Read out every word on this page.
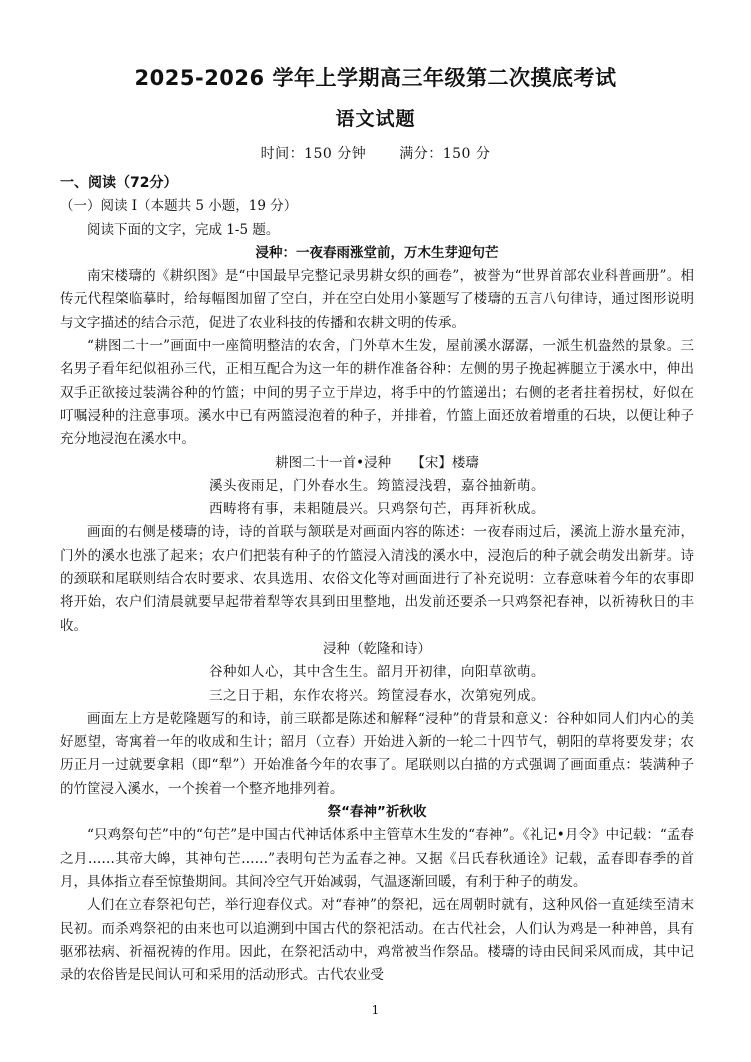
2025-2026 学年上学期高三年级第二次摸底考试
语文试题
时间：150 分钟 满分：150 分

一、阅读（72分）

（一）阅读 I（本题共 5 小题，19 分）

阅读下面的文字，完成 1-5 题。

浸种：一夜春雨涨堂前，万木生芽迎句芒

南宋楼璹的《耕织图》是“中国最早完整记录男耕女织的画卷”，被誉为“世界首部农业科普画册”。相传元代程棨临摹时，给每幅图加留了空白，并在空白处用小篆题写了楼璹的五言八句律诗，通过图形说明与文字描述的结合示范，促进了农业科技的传播和农耕文明的传承。

“耕图二十一”画面中一座简明整洁的农舍，门外草木生发，屋前溪水潺潺，一派生机盎然的景象。三名男子看年纪似祖孙三代，正相互配合为这一年的耕作准备谷种：左侧的男子挽起裤腿立于溪水中，伸出双手正欲接过装满谷种的竹篮；中间的男子立于岸边，将手中的竹篮递出；右侧的老者拄着拐杖，好似在叮嘱浸种的注意事项。溪水中已有两篮浸泡着的种子，并排着，竹篮上面还放着增重的石块，以便让种子充分地浸泡在溪水中。

耕图二十一首•浸种　　【宋】楼璹

溪头夜雨足，门外春水生。筠篮浸浅碧，嘉谷抽新萌。

西畴将有事，耒耜随晨兴。只鸡祭句芒，再拜祈秋成。

画面的右侧是楼璹的诗，诗的首联与颔联是对画面内容的陈述：一夜春雨过后，溪流上游水量充沛，门外的溪水也涨了起来；农户们把装有种子的竹篮浸入清浅的溪水中，浸泡后的种子就会萌发出新芽。诗的颈联和尾联则结合农时要求、农具选用、农俗文化等对画面进行了补充说明：立春意味着今年的农事即将开始，农户们清晨就要早起带着犁等农具到田里整地，出发前还要杀一只鸡祭祀春神，以祈祷秋日的丰收。

浸种（乾隆和诗）

谷种如人心，其中含生生。韶月开初律，向阳草欲萌。

三之日于耜，东作农将兴。筠筐浸春水，次第宛列成。

画面左上方是乾隆题写的和诗，前三联都是陈述和解释“浸种”的背景和意义：谷种如同人们内心的美好愿望，寄寓着一年的收成和生计；韶月（立春）开始进入新的一轮二十四节气，朝阳的草将要发芽；农历正月一过就要拿耜（即“犁”）开始准备今年的农事了。尾联则以白描的方式强调了画面重点：装满种子的竹筐浸入溪水，一个挨着一个整齐地排列着。

祭“春神”祈秋收

“只鸡祭句芒”中的“句芒”是中国古代神话体系中主管草木生发的“春神”。《礼记•月令》中记载：“孟春之月……其帝大皞，其神句芒……”表明句芒为孟春之神。又据《吕氏春秋通诠》记载，孟春即春季的首月，具体指立春至惊蛰期间。其间冷空气开始减弱，气温逐渐回暖，有利于种子的萌发。

人们在立春祭祀句芒，举行迎春仪式。对“春神”的祭祀，远在周朝时就有，这种风俗一直延续至清末民初。而杀鸡祭祀的由来也可以追溯到中国古代的祭祀活动。在古代社会，人们认为鸡是一种神兽，具有驱邪祛病、祈福祝祷的作用。因此，在祭祀活动中，鸡常被当作祭品。楼璹的诗由民间采风而成，其中记录的农俗皆是民间认可和采用的活动形式。古代农业受

1
